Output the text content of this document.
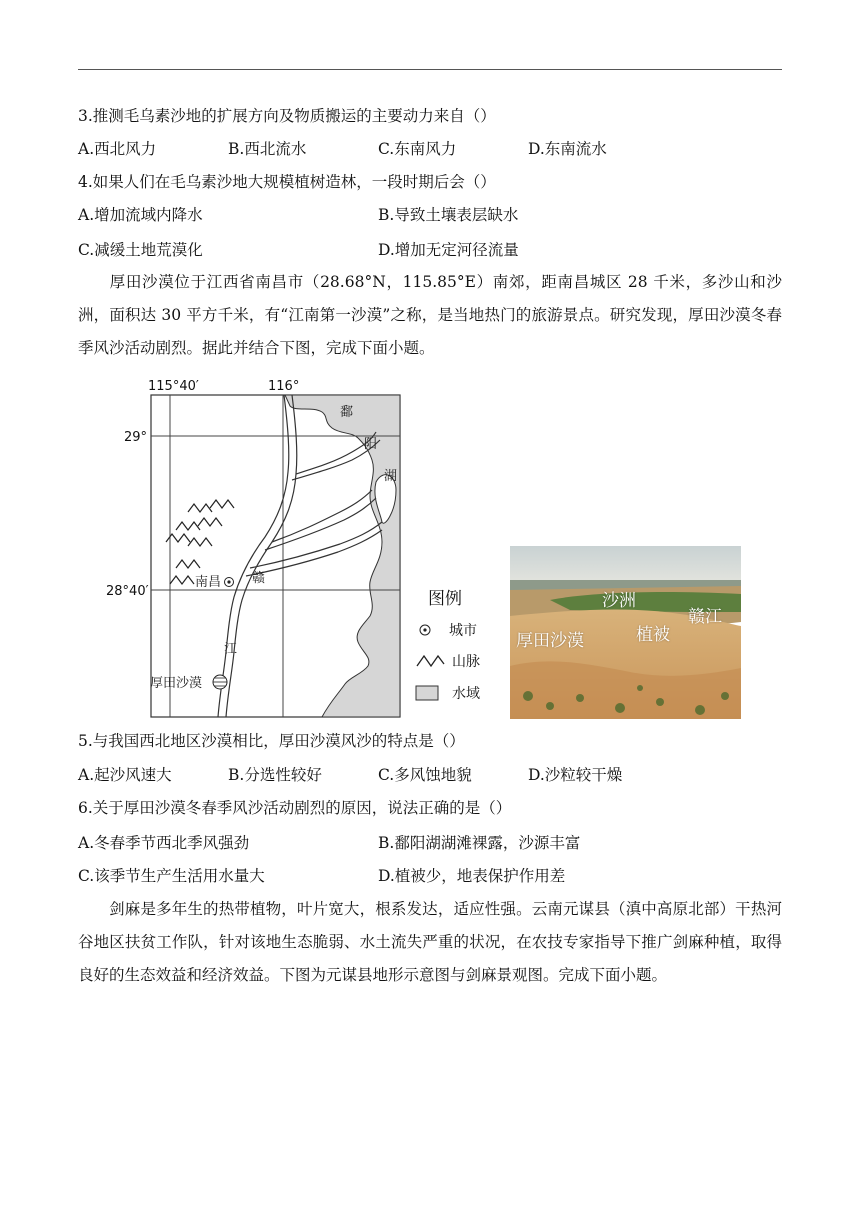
3.推测毛乌素沙地的扩展方向及物质搬运的主要动力来自（）
A.西北风力	B.西北流水	C.东南风力	D.东南流水
4.如果人们在毛乌素沙地大规模植树造林，一段时期后会（）
A.增加流域内降水	B.导致土壤表层缺水
C.减缓土地荒漠化	D.增加无定河径流量
厚田沙漠位于江西省南昌市（28.68°N，115.85°E）南郊，距南昌城区 28 千米，多沙山和沙洲，面积达 30 平方千米，有“江南第一沙漠”之称，是当地热门的旅游景点。研究发现，厚田沙漠冬春季风沙活动剧烈。据此并结合下图，完成下面小题。
115°40′	116°
29°
28°40′
鄱
阳
湖
赣
江
南昌
厚田沙漠
图例
城市
山脉
水域
沙洲
赣江
厚田沙漠	植被
5.与我国西北地区沙漠相比，厚田沙漠风沙的特点是（）
A.起沙风速大	B.分选性较好	C.多风蚀地貌	D.沙粒较干燥
6.关于厚田沙漠冬春季风沙活动剧烈的原因，说法正确的是（）
A.冬春季节西北季风强劲	B.鄱阳湖湖滩裸露，沙源丰富
C.该季节生产生活用水量大	D.植被少，地表保护作用差
剑麻是多年生的热带植物，叶片宽大，根系发达，适应性强。云南元谋县（滇中高原北部）干热河谷地区扶贫工作队，针对该地生态脆弱、水土流失严重的状况，在农技专家指导下推广剑麻种植，取得良好的生态效益和经济效益。下图为元谋县地形示意图与剑麻景观图。完成下面小题。
